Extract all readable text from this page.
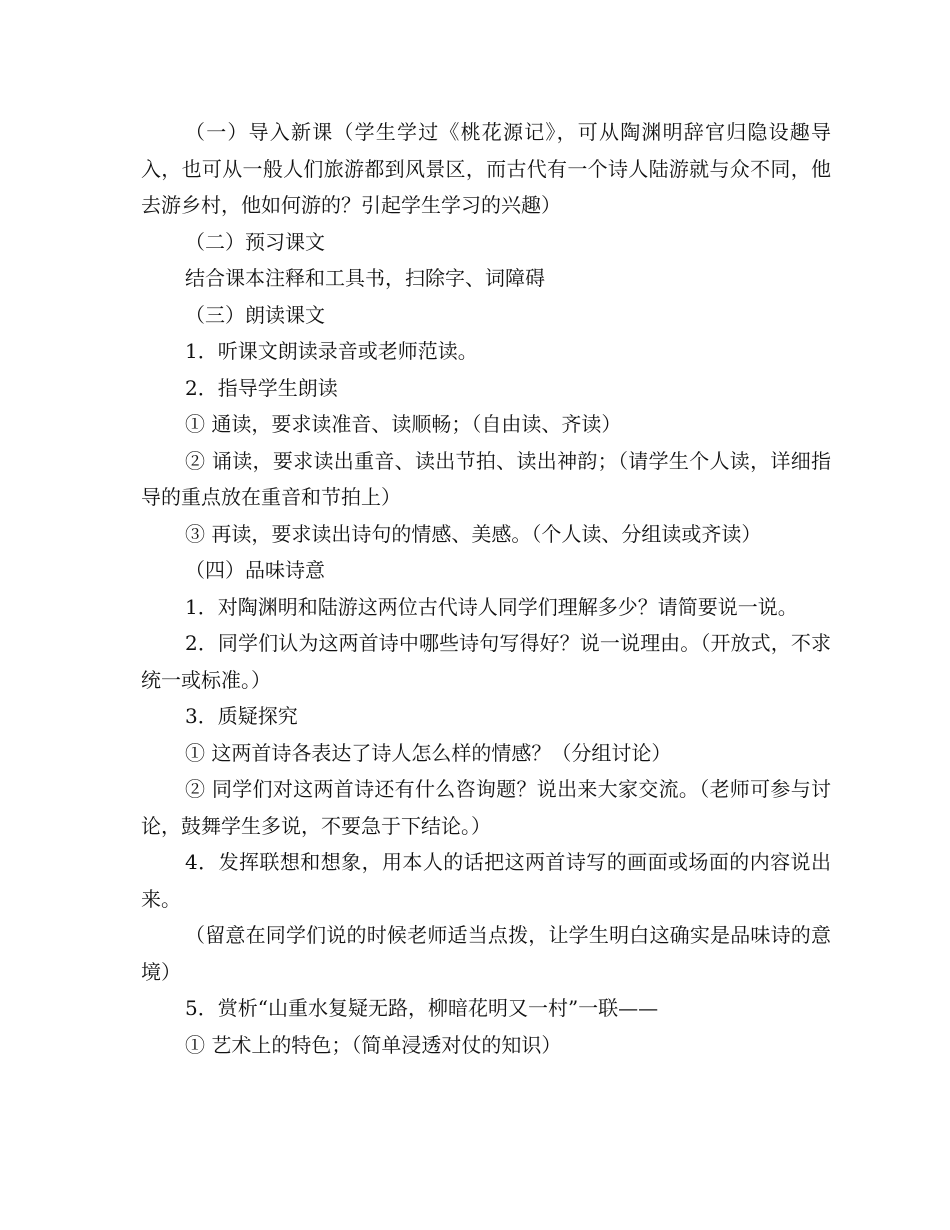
（一）导入新课（学生学过《桃花源记》，可从陶渊明辞官归隐设趣导入，也可从一般人们旅游都到风景区，而古代有一个诗人陆游就与众不同，他去游乡村，他如何游的？引起学生学习的兴趣）

（二）预习课文

结合课本注释和工具书，扫除字、词障碍

（三）朗读课文

1．听课文朗读录音或老师范读。

2．指导学生朗读

① 通读，要求读准音、读顺畅；（自由读、齐读）

② 诵读，要求读出重音、读出节拍、读出神韵；（请学生个人读，详细指导的重点放在重音和节拍上）

③ 再读，要求读出诗句的情感、美感。（个人读、分组读或齐读）

（四）品味诗意

1．对陶渊明和陆游这两位古代诗人同学们理解多少？请简要说一说。

2．同学们认为这两首诗中哪些诗句写得好？说一说理由。（开放式，不求统一或标准。）

3．质疑探究

① 这两首诗各表达了诗人怎么样的情感？（分组讨论）

② 同学们对这两首诗还有什么咨询题？说出来大家交流。（老师可参与讨论，鼓舞学生多说，不要急于下结论。）

4．发挥联想和想象，用本人的话把这两首诗写的画面或场面的内容说出来。

（留意在同学们说的时候老师适当点拨，让学生明白这确实是品味诗的意境）

5．赏析“山重水复疑无路，柳暗花明又一村”一联——

① 艺术上的特色；（简单浸透对仗的知识）
